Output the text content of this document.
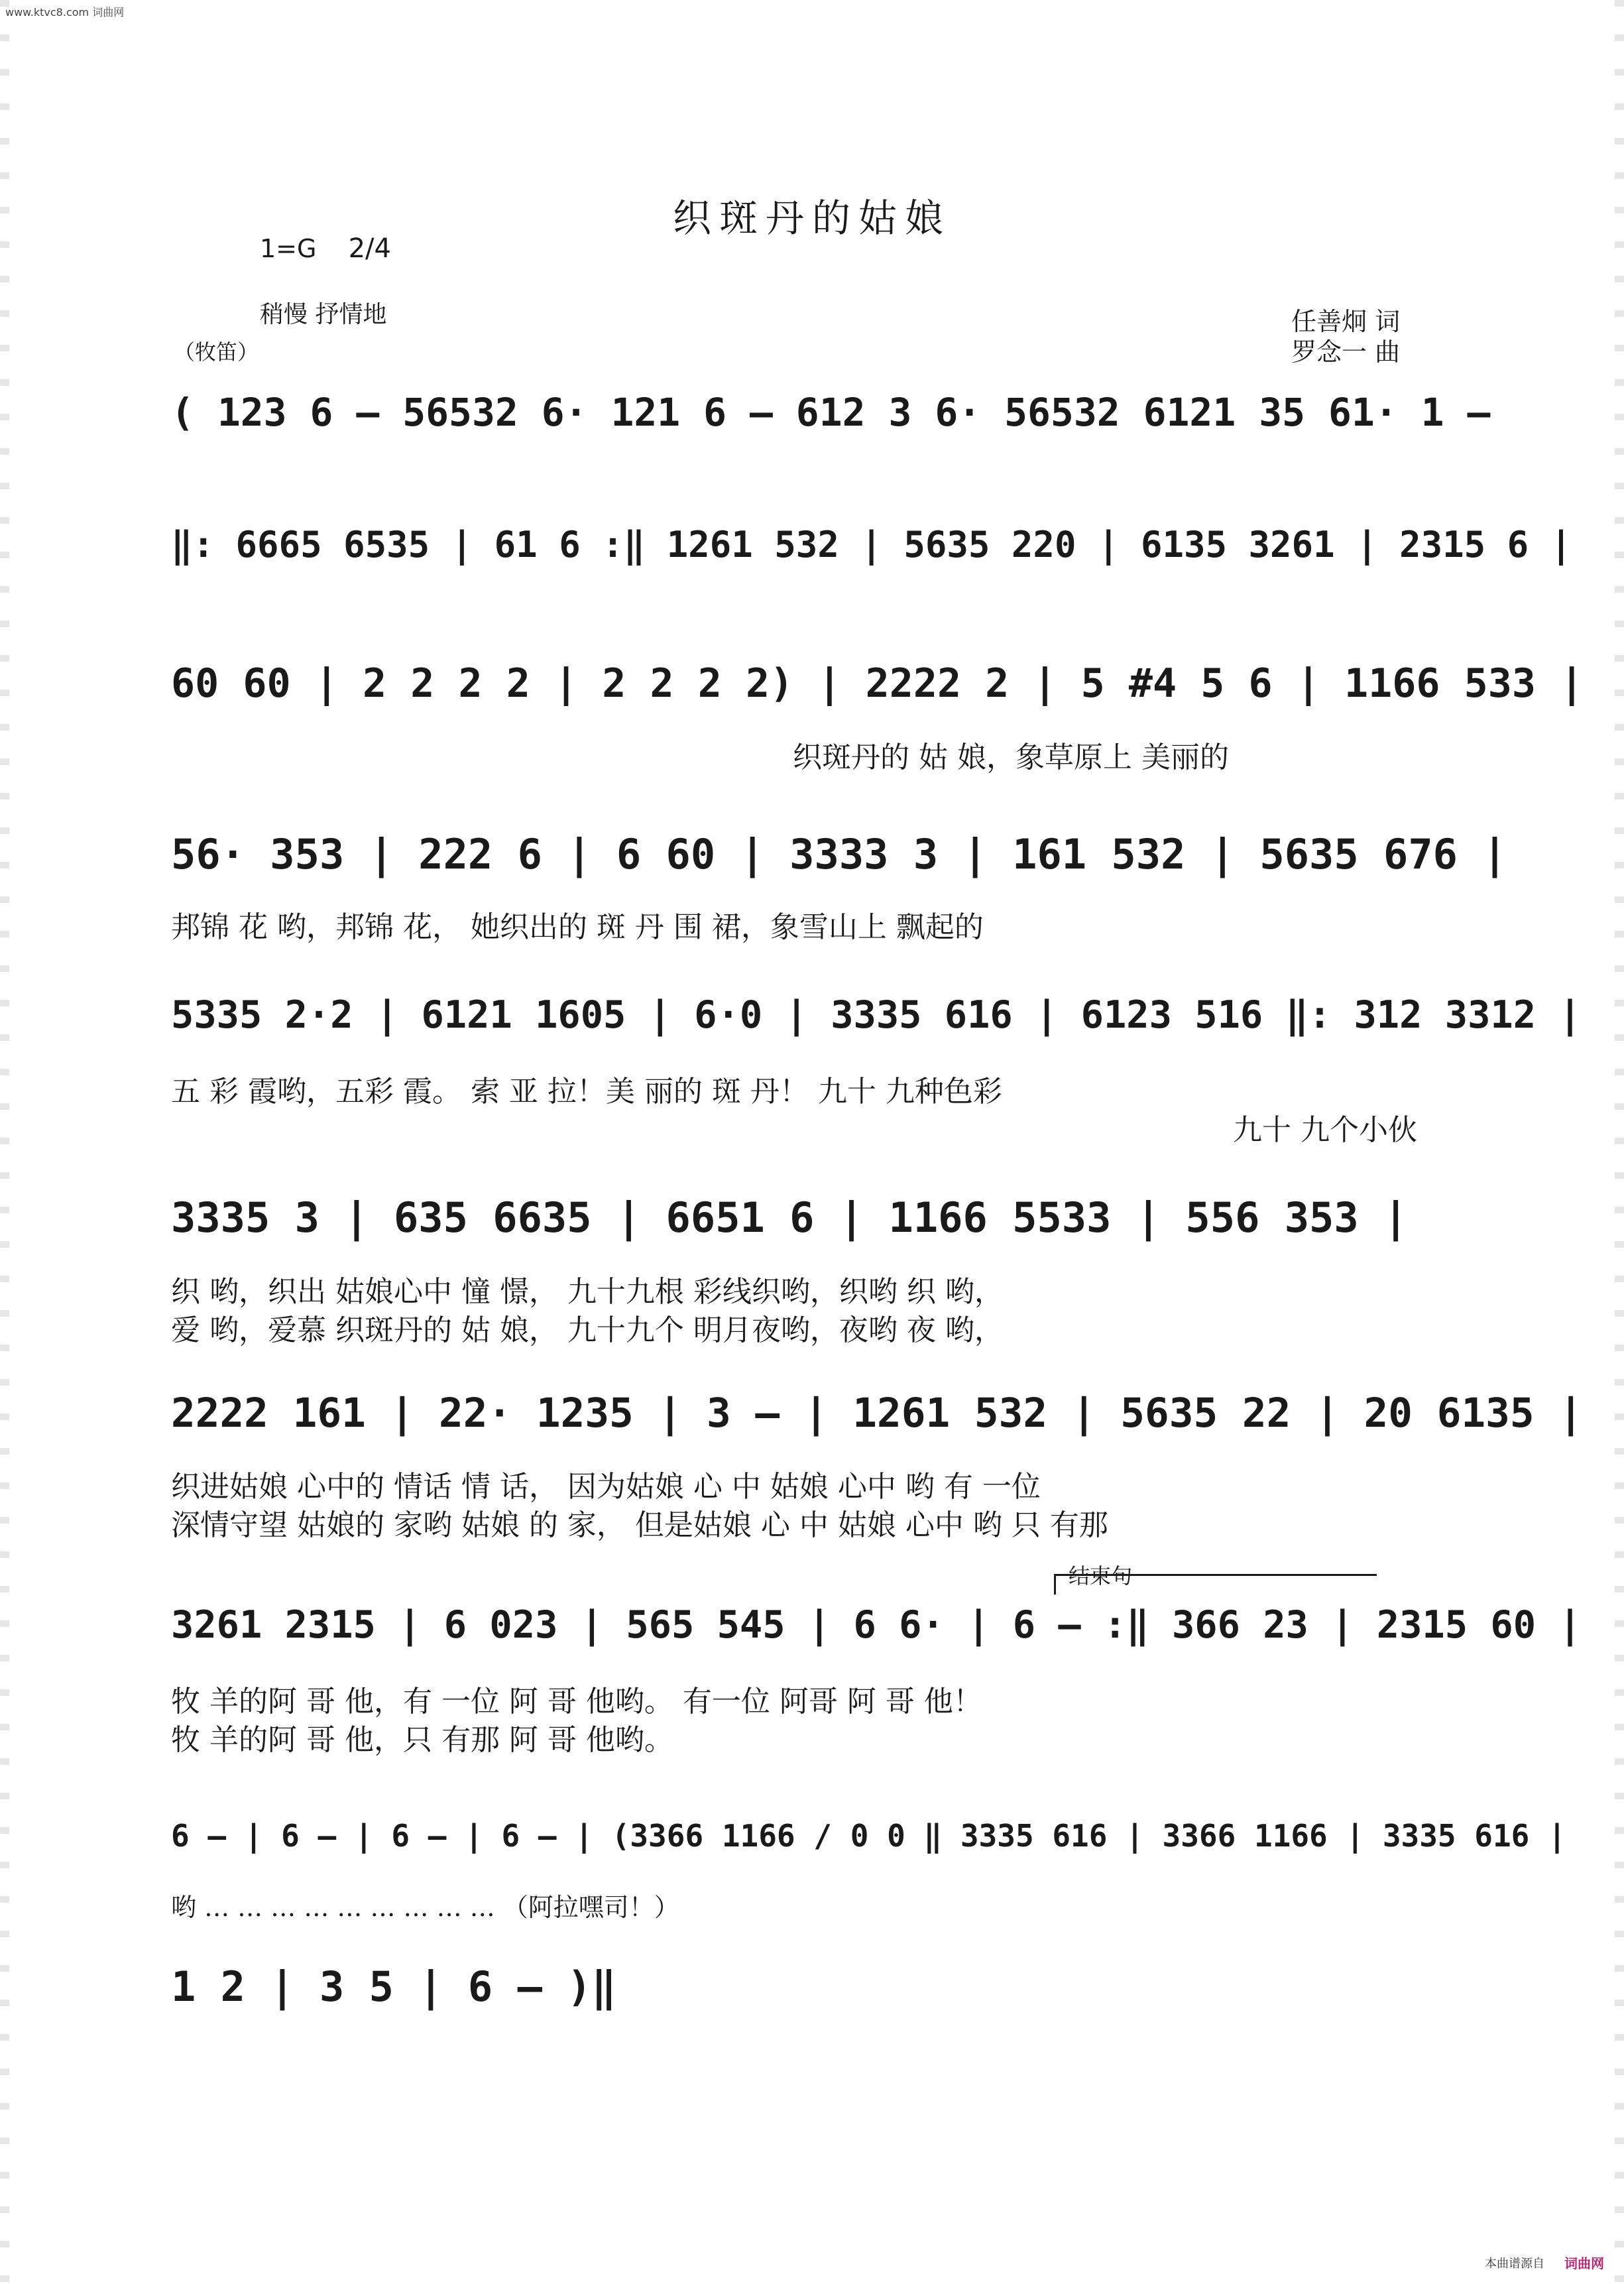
www.ktvc8.com 词曲网
织斑丹的姑娘
1=G 2/4
稍慢 抒情地
（牧笛）
任善炯 词
罗念一 曲
( 123 6 – 56532 6· 121 6 – 612 3 6· 56532 6121 35 61· 1 –
‖: 6665 6535 | 61 6 :‖ 1261 532 | 5635 220 | 6135 3261 | 2315 6 |
60 60 | 2 2 2 2 | 2 2 2 2) | 2222 2 | 5 #4 5 6 | 1166 533 |
织斑丹的 姑 娘，象草原上 美丽的
56· 353 | 222 6 | 6 60 | 3333 3 | 161 532 | 5635 676 |
邦锦 花 哟，邦锦 花， 她织出的 斑 丹 围 裙，象雪山上 飘起的
5335 2·2 | 6121 1605 | 6·0 | 3335 616 | 6123 516 ‖: 312 3312 |
五 彩 霞哟，五彩 霞。 索 亚 拉！美 丽的 斑 丹！ 九十 九种色彩
九十 九个小伙
3335 3 | 635 6635 | 6651 6 | 1166 5533 | 556 353 |
织 哟，织出 姑娘心中 憧 憬， 九十九根 彩线织哟，织哟 织 哟，
爱 哟，爱慕 织斑丹的 姑 娘， 九十九个 明月夜哟，夜哟 夜 哟，
2222 161 | 22· 1235 | 3 – | 1261 532 | 5635 22 | 20 6135 |
织进姑娘 心中的 情话 情 话， 因为姑娘 心 中 姑娘 心中 哟 有 一位
深情守望 姑娘的 家哟 姑娘 的 家， 但是姑娘 心 中 姑娘 心中 哟 只 有那
结束句
3261 2315 | 6 023 | 565 545 | 6 6· | 6 – :‖ 366 23 | 2315 60 |
牧 羊的阿 哥 他，有 一位 阿 哥 他哟。 有一位 阿哥 阿 哥 他！
牧 羊的阿 哥 他，只 有那 阿 哥 他哟。
6 – | 6 – | 6 – | 6 – | (3366 1166 / 0 0 ‖ 3335 616 | 3366 1166 | 3335 616 |
哟 … … … … … … … … … （阿拉嘿司！）
1 2 | 3 5 | 6 – )‖
本曲谱源自 词曲网
